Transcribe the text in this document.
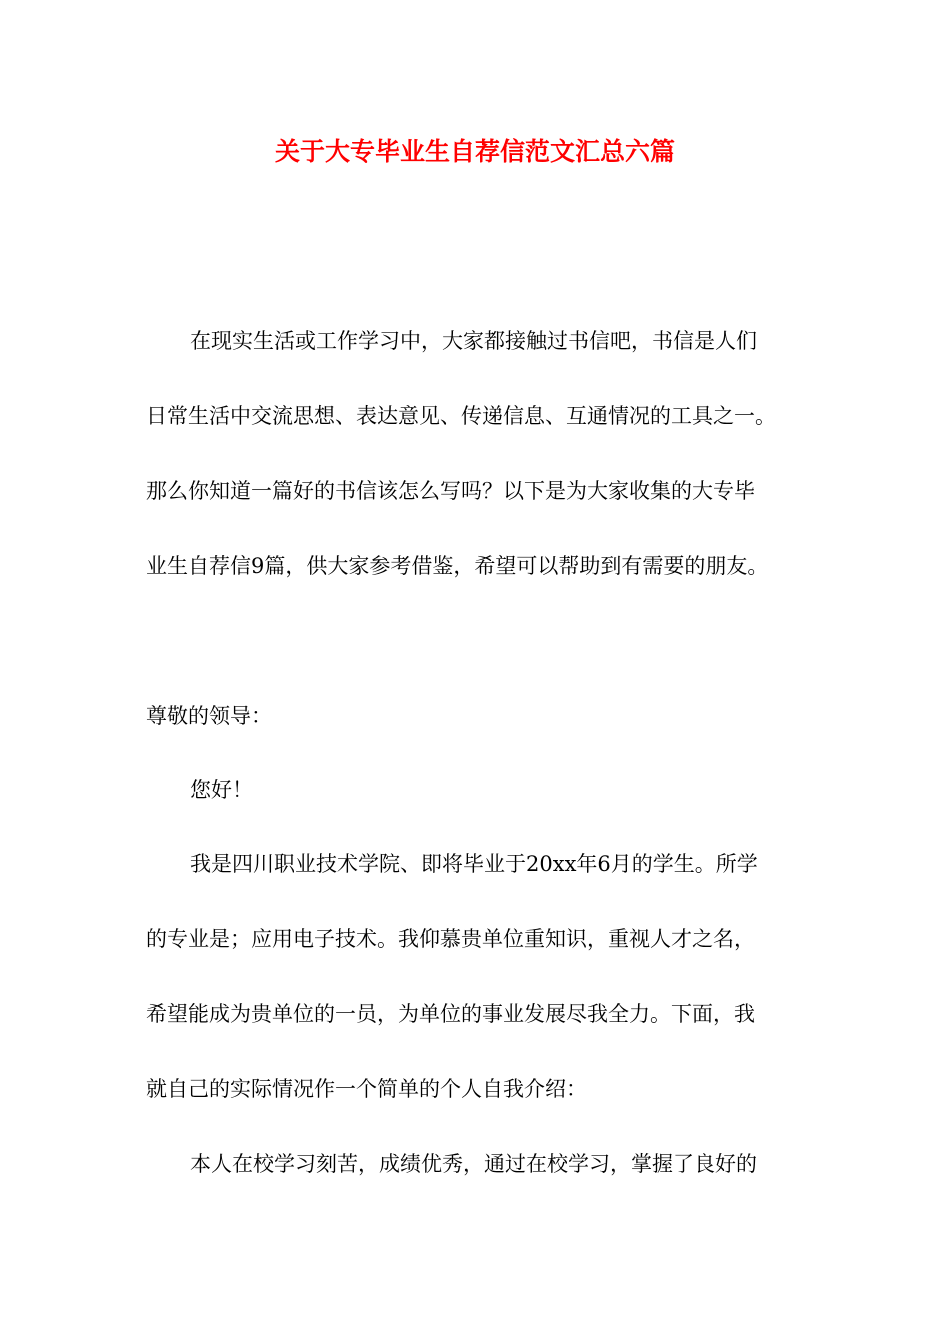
关于大专毕业生自荐信范文汇总六篇

在现实生活或工作学习中，大家都接触过书信吧，书信是人们

日常生活中交流思想、表达意见、传递信息、互通情况的工具之一。

那么你知道一篇好的书信该怎么写吗？以下是为大家收集的大专毕

业生自荐信9篇，供大家参考借鉴，希望可以帮助到有需要的朋友。

尊敬的领导：

您好！

我是四川职业技术学院、即将毕业于20xx年6月的学生。所学

的专业是；应用电子技术。我仰慕贵单位重知识，重视人才之名，

希望能成为贵单位的一员，为单位的事业发展尽我全力。下面，我

就自己的实际情况作一个简单的个人自我介绍：

本人在校学习刻苦，成绩优秀，通过在校学习，掌握了良好的
